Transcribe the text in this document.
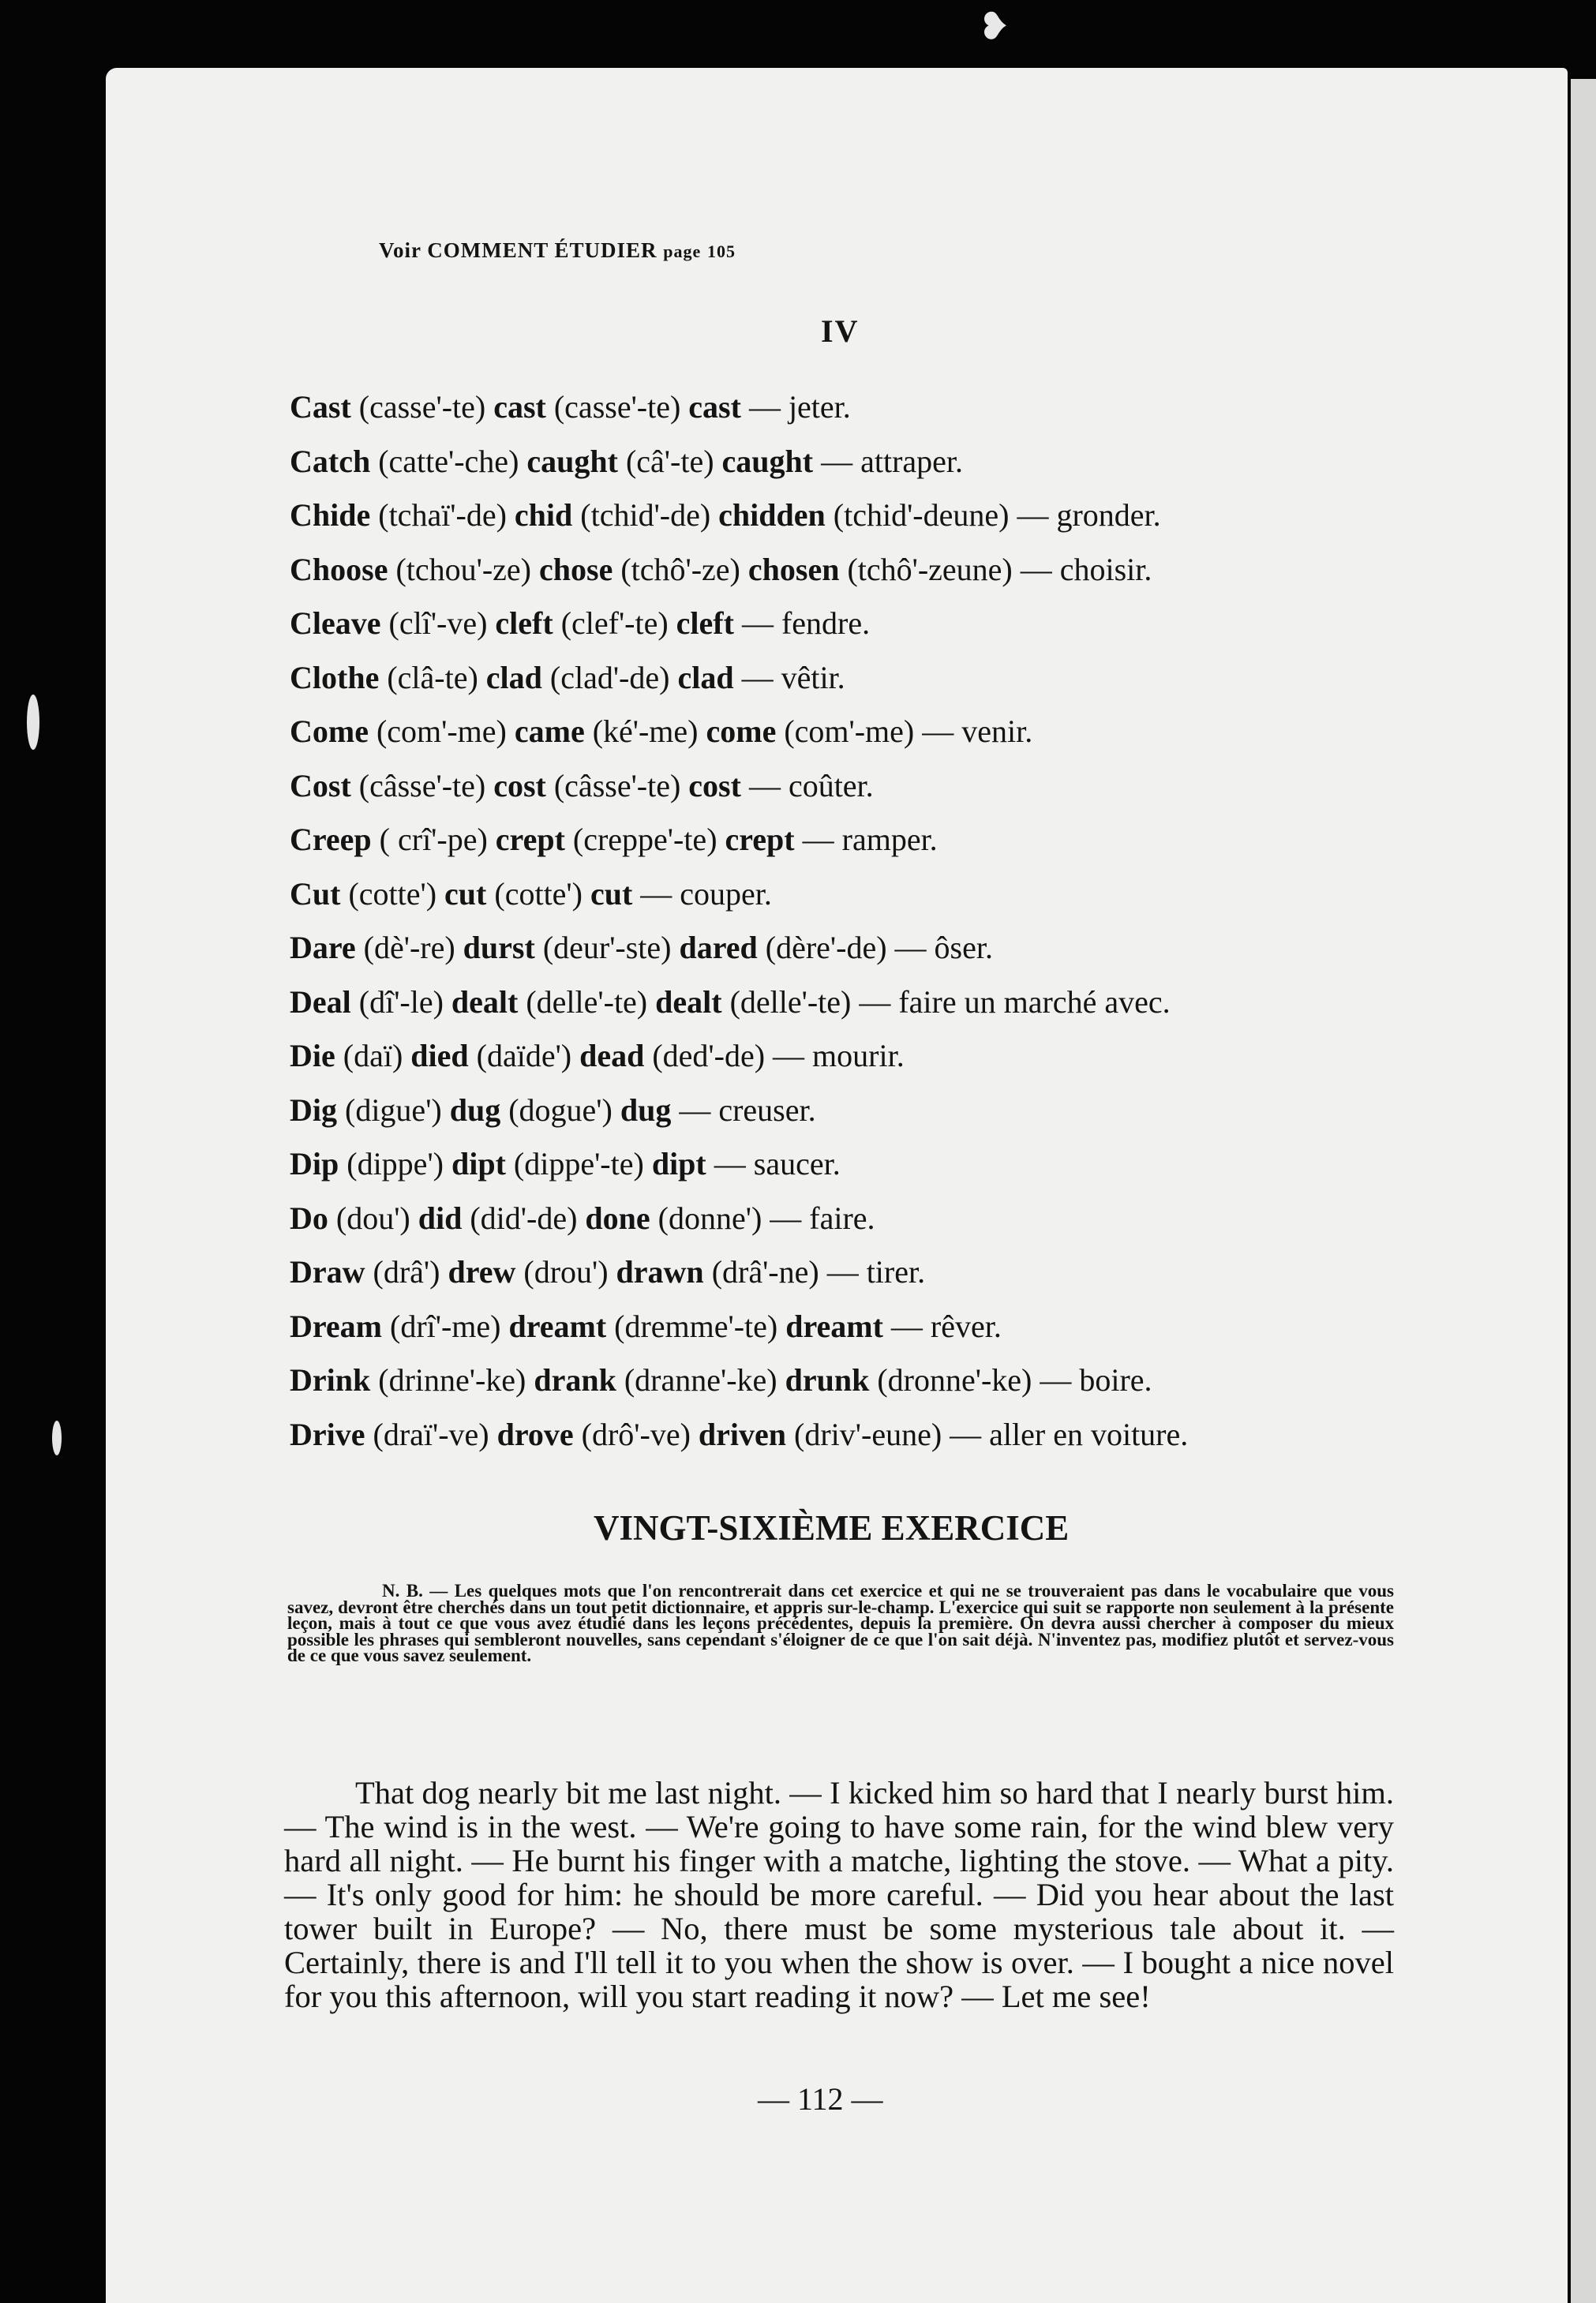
❥
Voir COMMENT ÉTUDIER page 105
IV
Cast (casse'-te) cast (casse'-te) cast — jeter.
Catch (catte'-che) caught (câ'-te) caught — attraper.
Chide (tchaï'-de) chid (tchid'-de) chidden (tchid'-deune) — gronder.
Choose (tchou'-ze) chose (tchô'-ze) chosen (tchô'-zeune) — choisir.
Cleave (clî'-ve) cleft (clef'-te) cleft — fendre.
Clothe (clâ-te) clad (clad'-de) clad — vêtir.
Come (com'-me) came (ké'-me) come (com'-me) — venir.
Cost (câsse'-te) cost (câsse'-te) cost — coûter.
Creep ( crî'-pe) crept (creppe'-te) crept — ramper.
Cut (cotte') cut (cotte') cut — couper.
Dare (dè'-re) durst (deur'-ste) dared (dère'-de) — ôser.
Deal (dî'-le) dealt (delle'-te) dealt (delle'-te) — faire un marché avec.
Die (daï) died (daïde') dead (ded'-de) — mourir.
Dig (digue') dug (dogue') dug — creuser.
Dip (dippe') dipt (dippe'-te) dipt — saucer.
Do (dou') did (did'-de) done (donne') — faire.
Draw (drâ') drew (drou') drawn (drâ'-ne) — tirer.
Dream (drî'-me) dreamt (dremme'-te) dreamt — rêver.
Drink (drinne'-ke) drank (dranne'-ke) drunk (dronne'-ke) — boire.
Drive (draï'-ve) drove (drô'-ve) driven (driv'-eune) — aller en voiture.
VINGT-SIXIÈME EXERCICE
N. B. — Les quelques mots que l'on rencontrerait dans cet exercice et qui ne se trouveraient pas dans le vocabulaire que vous savez, devront être cherchés dans un tout petit dictionnaire, et appris sur-le-champ. L'exercice qui suit se rapporte non seulement à la présente leçon, mais à tout ce que vous avez étudié dans les leçons précédentes, depuis la première. On devra aussi chercher à composer du mieux possible les phrases qui sembleront nouvelles, sans cependant s'éloigner de ce que l'on sait déjà. N'inventez pas, modifiez plutôt et servez-vous de ce que vous savez seulement.
That dog nearly bit me last night. — I kicked him so hard that I nearly burst him. — The wind is in the west. — We're going to have some rain, for the wind blew very hard all night. — He burnt his finger with a matche, lighting the stove. — What a pity. — It's only good for him: he should be more careful. — Did you hear about the last tower built in Europe? — No, there must be some mysterious tale about it. — Certainly, there is and I'll tell it to you when the show is over. — I bought a nice novel for you this afternoon, will you start reading it now? — Let me see!
— 112 —
